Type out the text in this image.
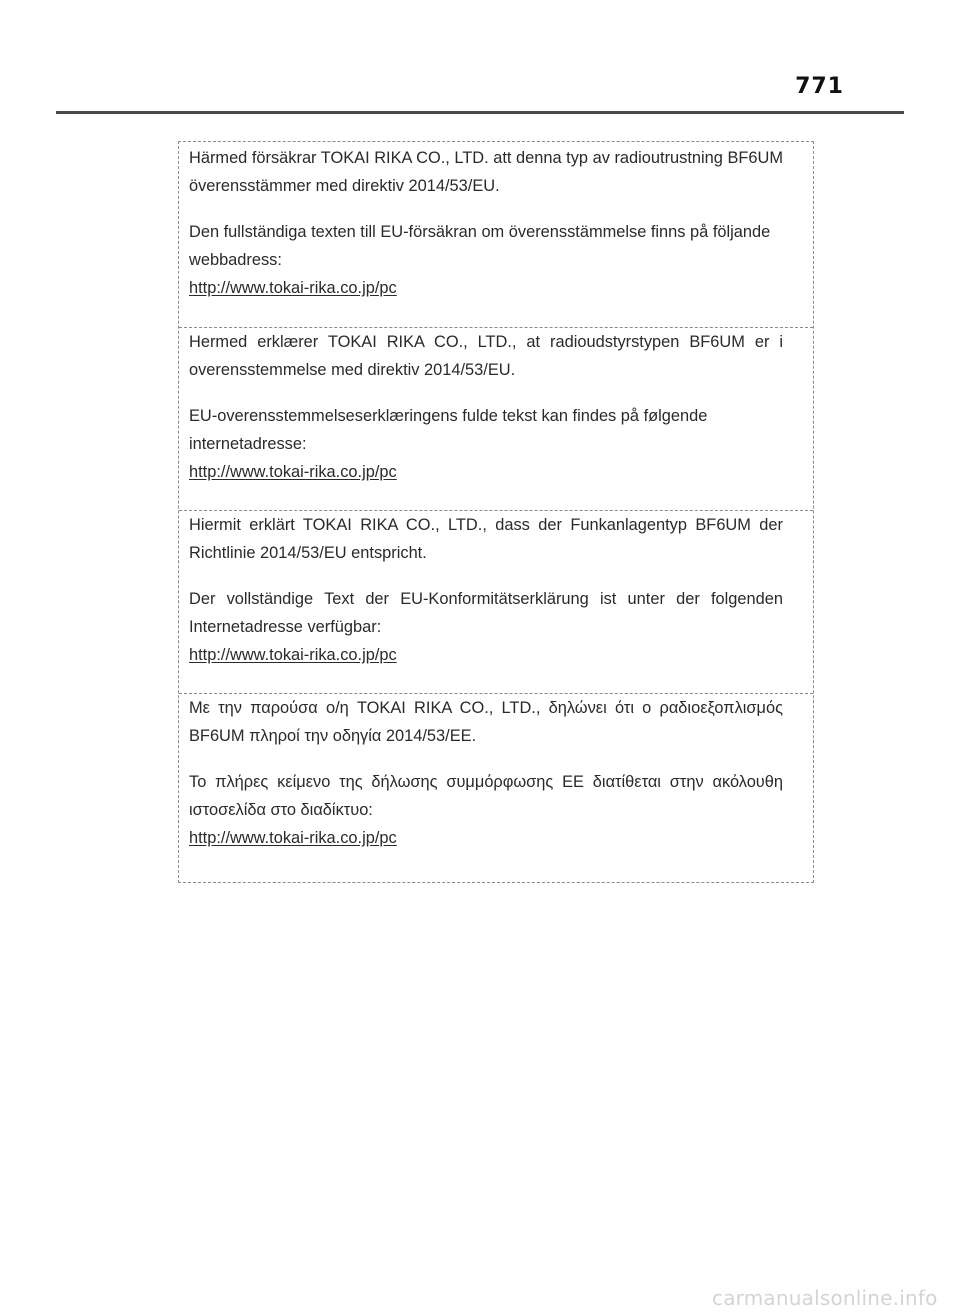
771

Härmed försäkrar TOKAI RIKA CO., LTD. att denna typ av radioutrustning BF6UM överensstämmer med direktiv 2014/53/EU.

Den fullständiga texten till EU-försäkran om överensstämmelse finns på följande webbadress:

http://www.tokai-rika.co.jp/pc

Hermed erklærer TOKAI RIKA CO., LTD., at radioudstyrstypen BF6UM er i overensstemmelse med direktiv 2014/53/EU.

EU-overensstemmelseserklæringens fulde tekst kan findes på følgende internetadresse:

http://www.tokai-rika.co.jp/pc

Hiermit erklärt TOKAI RIKA CO., LTD., dass der Funkanlagentyp BF6UM der Richtlinie 2014/53/EU entspricht.

Der vollständige Text der EU-Konformitätserklärung ist unter der folgenden Internetadresse verfügbar:

http://www.tokai-rika.co.jp/pc

Με την παρούσα ο/η TOKAI RIKA CO., LTD., δηλώνει ότι ο ραδιοεξοπλισμός BF6UM πληροί την οδηγία 2014/53/ΕΕ.

Το πλήρες κείμενο της δήλωσης συμμόρφωσης ΕΕ διατίθεται στην ακόλουθη ιστοσελίδα στο διαδίκτυο:

http://www.tokai-rika.co.jp/pc
carmanualsonline.info
